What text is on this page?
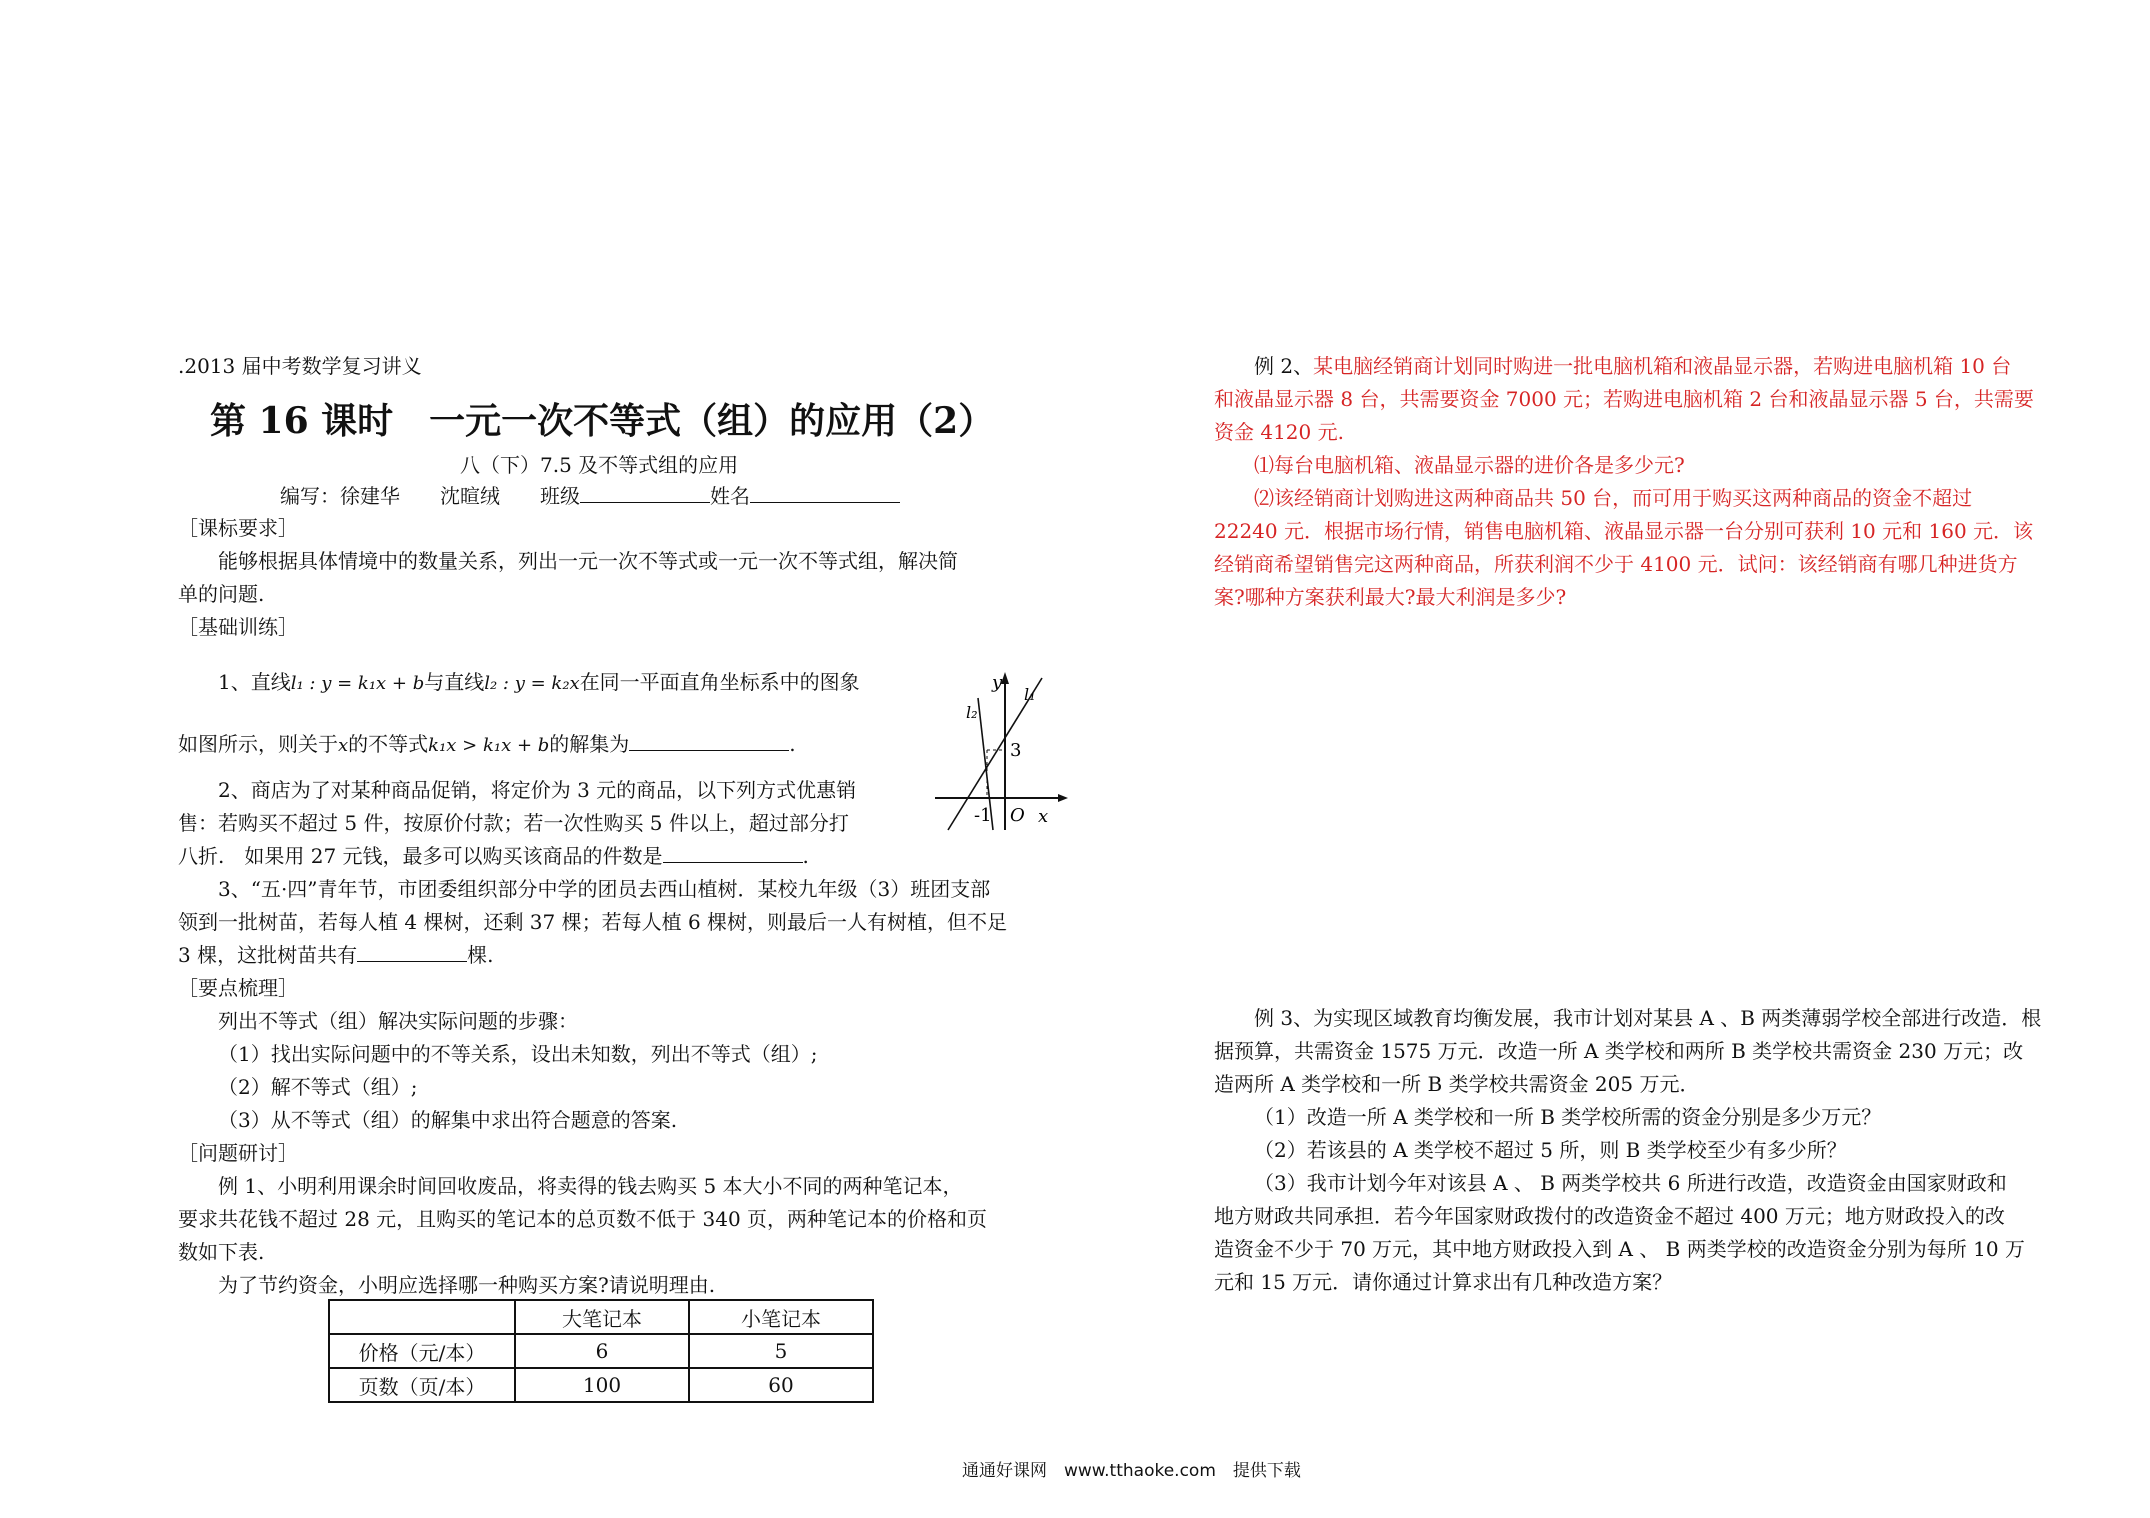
.2013 届中考数学复习讲义
第 16 课时　一元一次不等式（组）的应用（2）
八（下）7.5 及不等式组的应用
编写：徐建华　　沈暄绒　　班级	姓名

［课标要求］

能够根据具体情境中的数量关系，列出一元一次不等式或一元一次不等式组，解决简

单的问题.

［基础训练］

1、直线l₁ : y = k₁x + b与直线l₂ : y = k₂x在同一平面直角坐标系中的图象
如图所示，则关于x的不等式k₁x > k₁x + b的解集为	.
y
x
O
l₁
l₂
3
-1

2、商店为了对某种商品促销，将定价为 3 元的商品，以下列方式优惠销

售：若购买不超过 5 件，按原价付款；若一次性购买 5 件以上，超过部分打

八折.　如果用 27 元钱，最多可以购买该商品的件数是	.

3、“五·四”青年节，市团委组织部分中学的团员去西山植树．某校九年级（3）班团支部

领到一批树苗，若每人植 4 棵树，还剩 37 棵；若每人植 6 棵树，则最后一人有树植，但不足

3 棵，这批树苗共有	棵.

［要点梳理］

列出不等式（组）解决实际问题的步骤：

（1）找出实际问题中的不等关系，设出未知数，列出不等式（组）;

（2）解不等式（组）;

（3）从不等式（组）的解集中求出符合题意的答案.

［问题研讨］

例 1、小明利用课余时间回收废品，将卖得的钱去购买 5 本大小不同的两种笔记本，

要求共花钱不超过 28 元，且购买的笔记本的总页数不低于 340 页，两种笔记本的价格和页

数如下表.

为了节约资金，小明应选择哪一种购买方案?请说明理由.

	大笔记本	小笔记本
价格（元/本）	6	5
页数（页/本）	100	60

例 2、某电脑经销商计划同时购进一批电脑机箱和液晶显示器，若购进电脑机箱 10 台

和液晶显示器 8 台，共需要资金 7000 元；若购进电脑机箱 2 台和液晶显示器 5 台，共需要

资金 4120 元.

⑴每台电脑机箱、液晶显示器的进价各是多少元?

⑵该经销商计划购进这两种商品共 50 台，而可用于购买这两种商品的资金不超过

22240 元．根据市场行情，销售电脑机箱、液晶显示器一台分别可获利 10 元和 160 元．该

经销商希望销售完这两种商品，所获利润不少于 4100 元．试问：该经销商有哪几种进货方

案?哪种方案获利最大?最大利润是多少?

例 3、为实现区域教育均衡发展，我市计划对某县 A 、B 两类薄弱学校全部进行改造．根

据预算，共需资金 1575 万元．改造一所 A 类学校和两所 B 类学校共需资金 230 万元；改

造两所 A 类学校和一所 B 类学校共需资金 205 万元．

（1）改造一所 A 类学校和一所 B 类学校所需的资金分别是多少万元？

（2）若该县的 A 类学校不超过 5 所，则 B 类学校至少有多少所？

（3）我市计划今年对该县 A 、 B 两类学校共 6 所进行改造，改造资金由国家财政和

地方财政共同承担．若今年国家财政拨付的改造资金不超过 400 万元；地方财政投入的改

造资金不少于 70 万元，其中地方财政投入到 A 、 B 两类学校的改造资金分别为每所 10 万

元和 15 万元．请你通过计算求出有几种改造方案？

通通好课网　www.tthaoke.com　提供下载
